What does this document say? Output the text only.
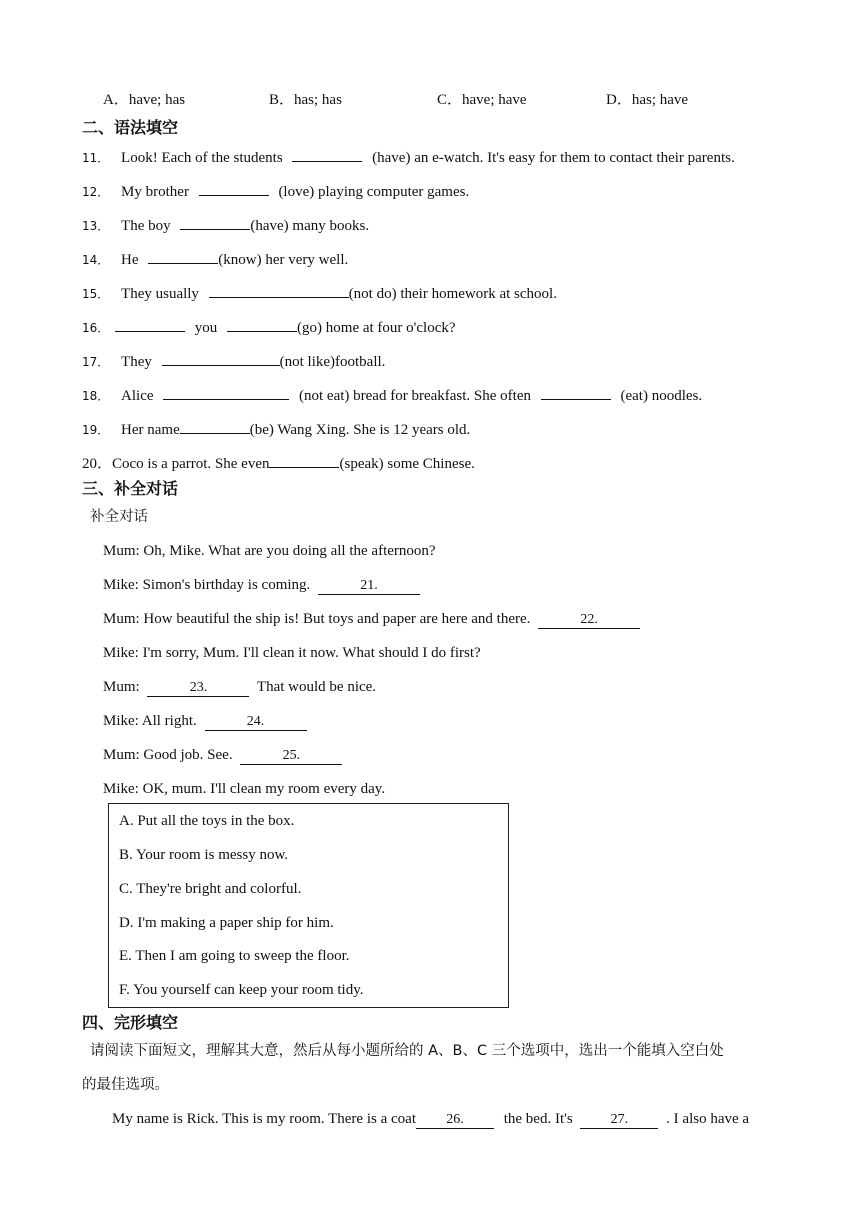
A．have; has	B．has; has	C．have; have	D．has; have
二、语法填空
11． Look! Each of the students	(have) an e-watch. It's easy for them to contact their parents.
12． My brother	(love) playing computer games.
13． The boy	(have) many books.
14． He	(know) her very well.
15． They usually	(not do) their homework at school.
16．	you	(go) home at four o'clock?
17． They	(not like)football.
18． Alice	(not eat) bread for breakfast. She often	(eat) noodles.
19． Her name	(be) Wang Xing. She is 12 years old.
20．Coco is a parrot. She even	(speak) some Chinese.
三、补全对话
补全对话
Mum: Oh, Mike. What are you doing all the afternoon?
Mike: Simon's birthday is coming.	21.
Mum: How beautiful the ship is! But toys and paper are here and there.	22.
Mike: I'm sorry, Mum. I'll clean it now. What should I do first?
Mum:	23.	That would be nice.
Mike: All right.	24.
Mum: Good job. See.	25.
Mike: OK, mum. I'll clean my room every day.
A. Put all the toys in the box.
B. Your room is messy now.
C. They're bright and colorful.
D. I'm making a paper ship for him.
E. Then I am going to sweep the floor.
F. You yourself can keep your room tidy.
四、完形填空
请阅读下面短文，理解其大意，然后从每小题所给的 A、B、C 三个选项中，选出一个能填入空白处
的最佳选项。
My name is Rick. This is my room. There is a coat 26.	the bed. It's	27.	. I also have a
